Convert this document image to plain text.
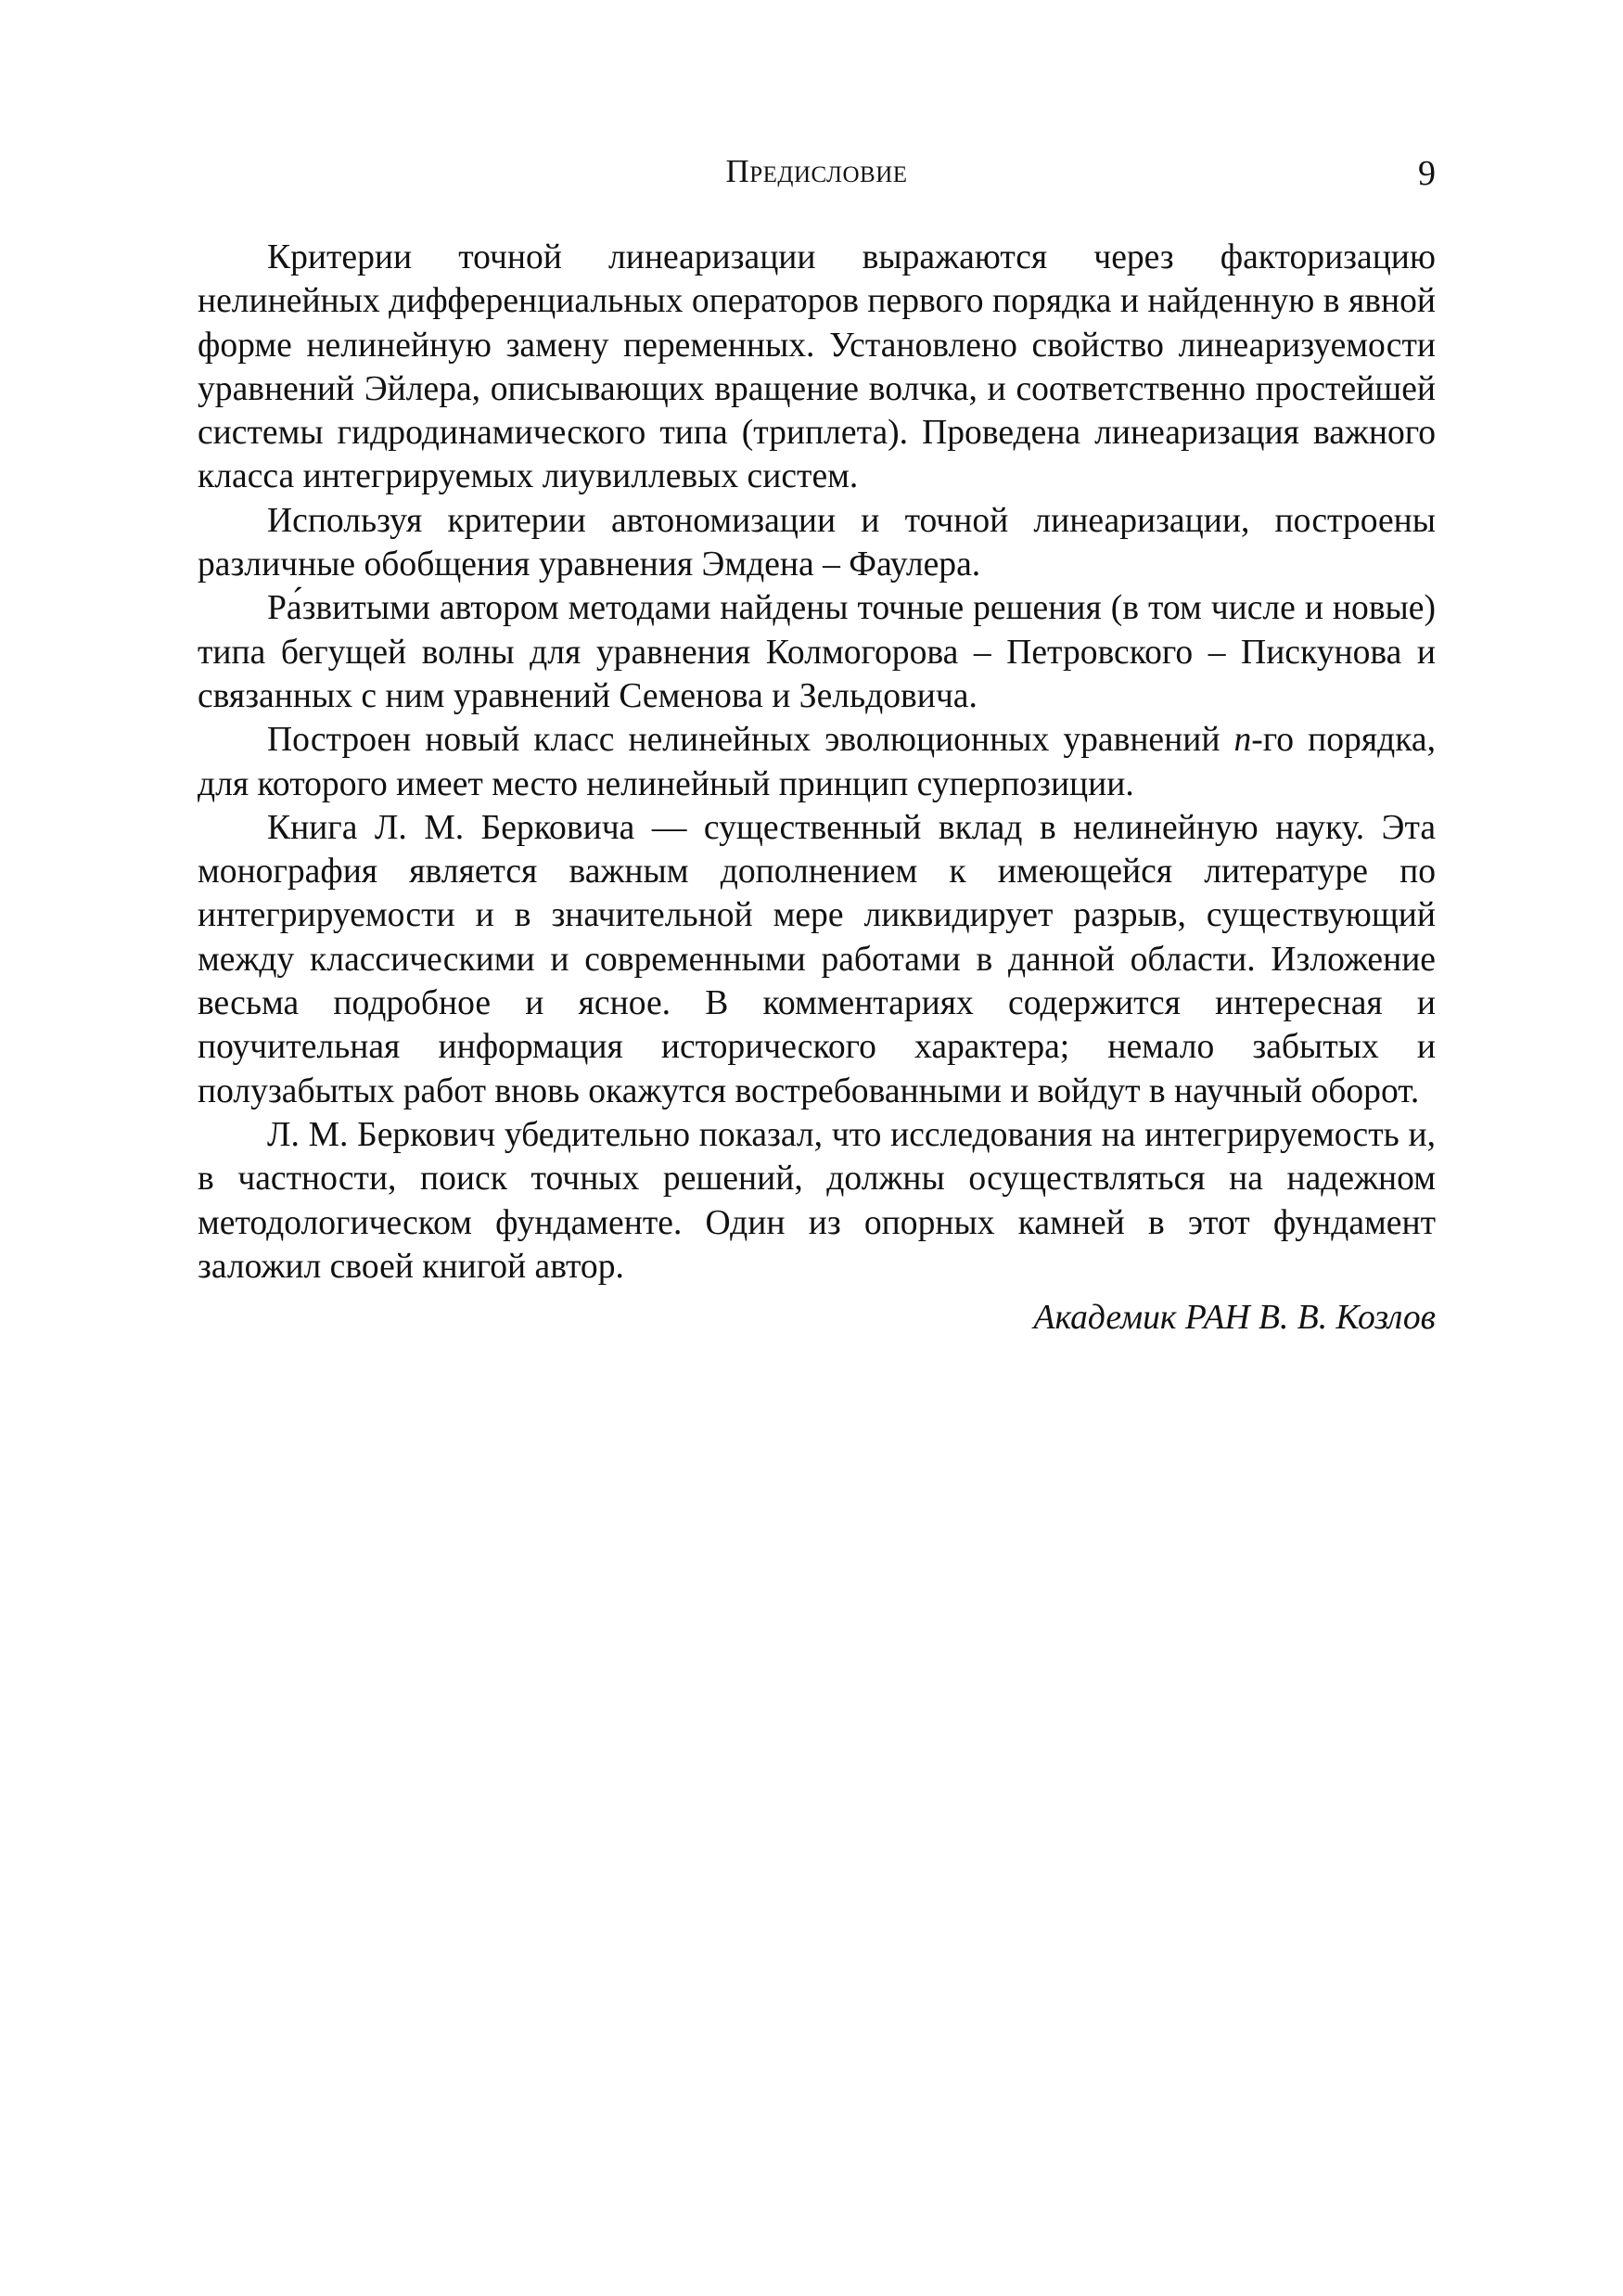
Предисловие	9

Критерии точной линеаризации выражаются через факторизацию нелинейных дифференциальных операторов первого порядка и найденную в явной форме нелинейную замену переменных. Установлено свойство линеаризуемости уравнений Эйлера, описывающих вращение волчка, и соответственно простейшей системы гидродинамического типа (триплета). Проведена линеаризация важного класса интегрируемых лиувиллевых систем.

Используя критерии автономизации и точной линеаризации, построены различные обобщения уравнения Эмдена – Фаулера.

Ра́звитыми автором методами найдены точные решения (в том числе и новые) типа бегущей волны для уравнения Колмогорова – Петровского – Пискунова и связанных с ним уравнений Семенова и Зельдовича.

Построен новый класс нелинейных эволюционных уравнений n-го порядка, для которого имеет место нелинейный принцип суперпозиции.

Книга Л. М. Берковича — существенный вклад в нелинейную науку. Эта монография является важным дополнением к имеющейся литературе по интегрируемости и в значительной мере ликвидирует разрыв, существующий между классическими и современными работами в данной области. Изложение весьма подробное и ясное. В комментариях содержится интересная и поучительная информация исторического характера; немало забытых и полузабытых работ вновь окажутся востребованными и войдут в научный оборот.

Л. М. Беркович убедительно показал, что исследования на интегрируемость и, в частности, поиск точных решений, должны осуществляться на надежном методологическом фундаменте. Один из опорных камней в этот фундамент заложил своей книгой автор.

Академик РАН В. В. Козлов
